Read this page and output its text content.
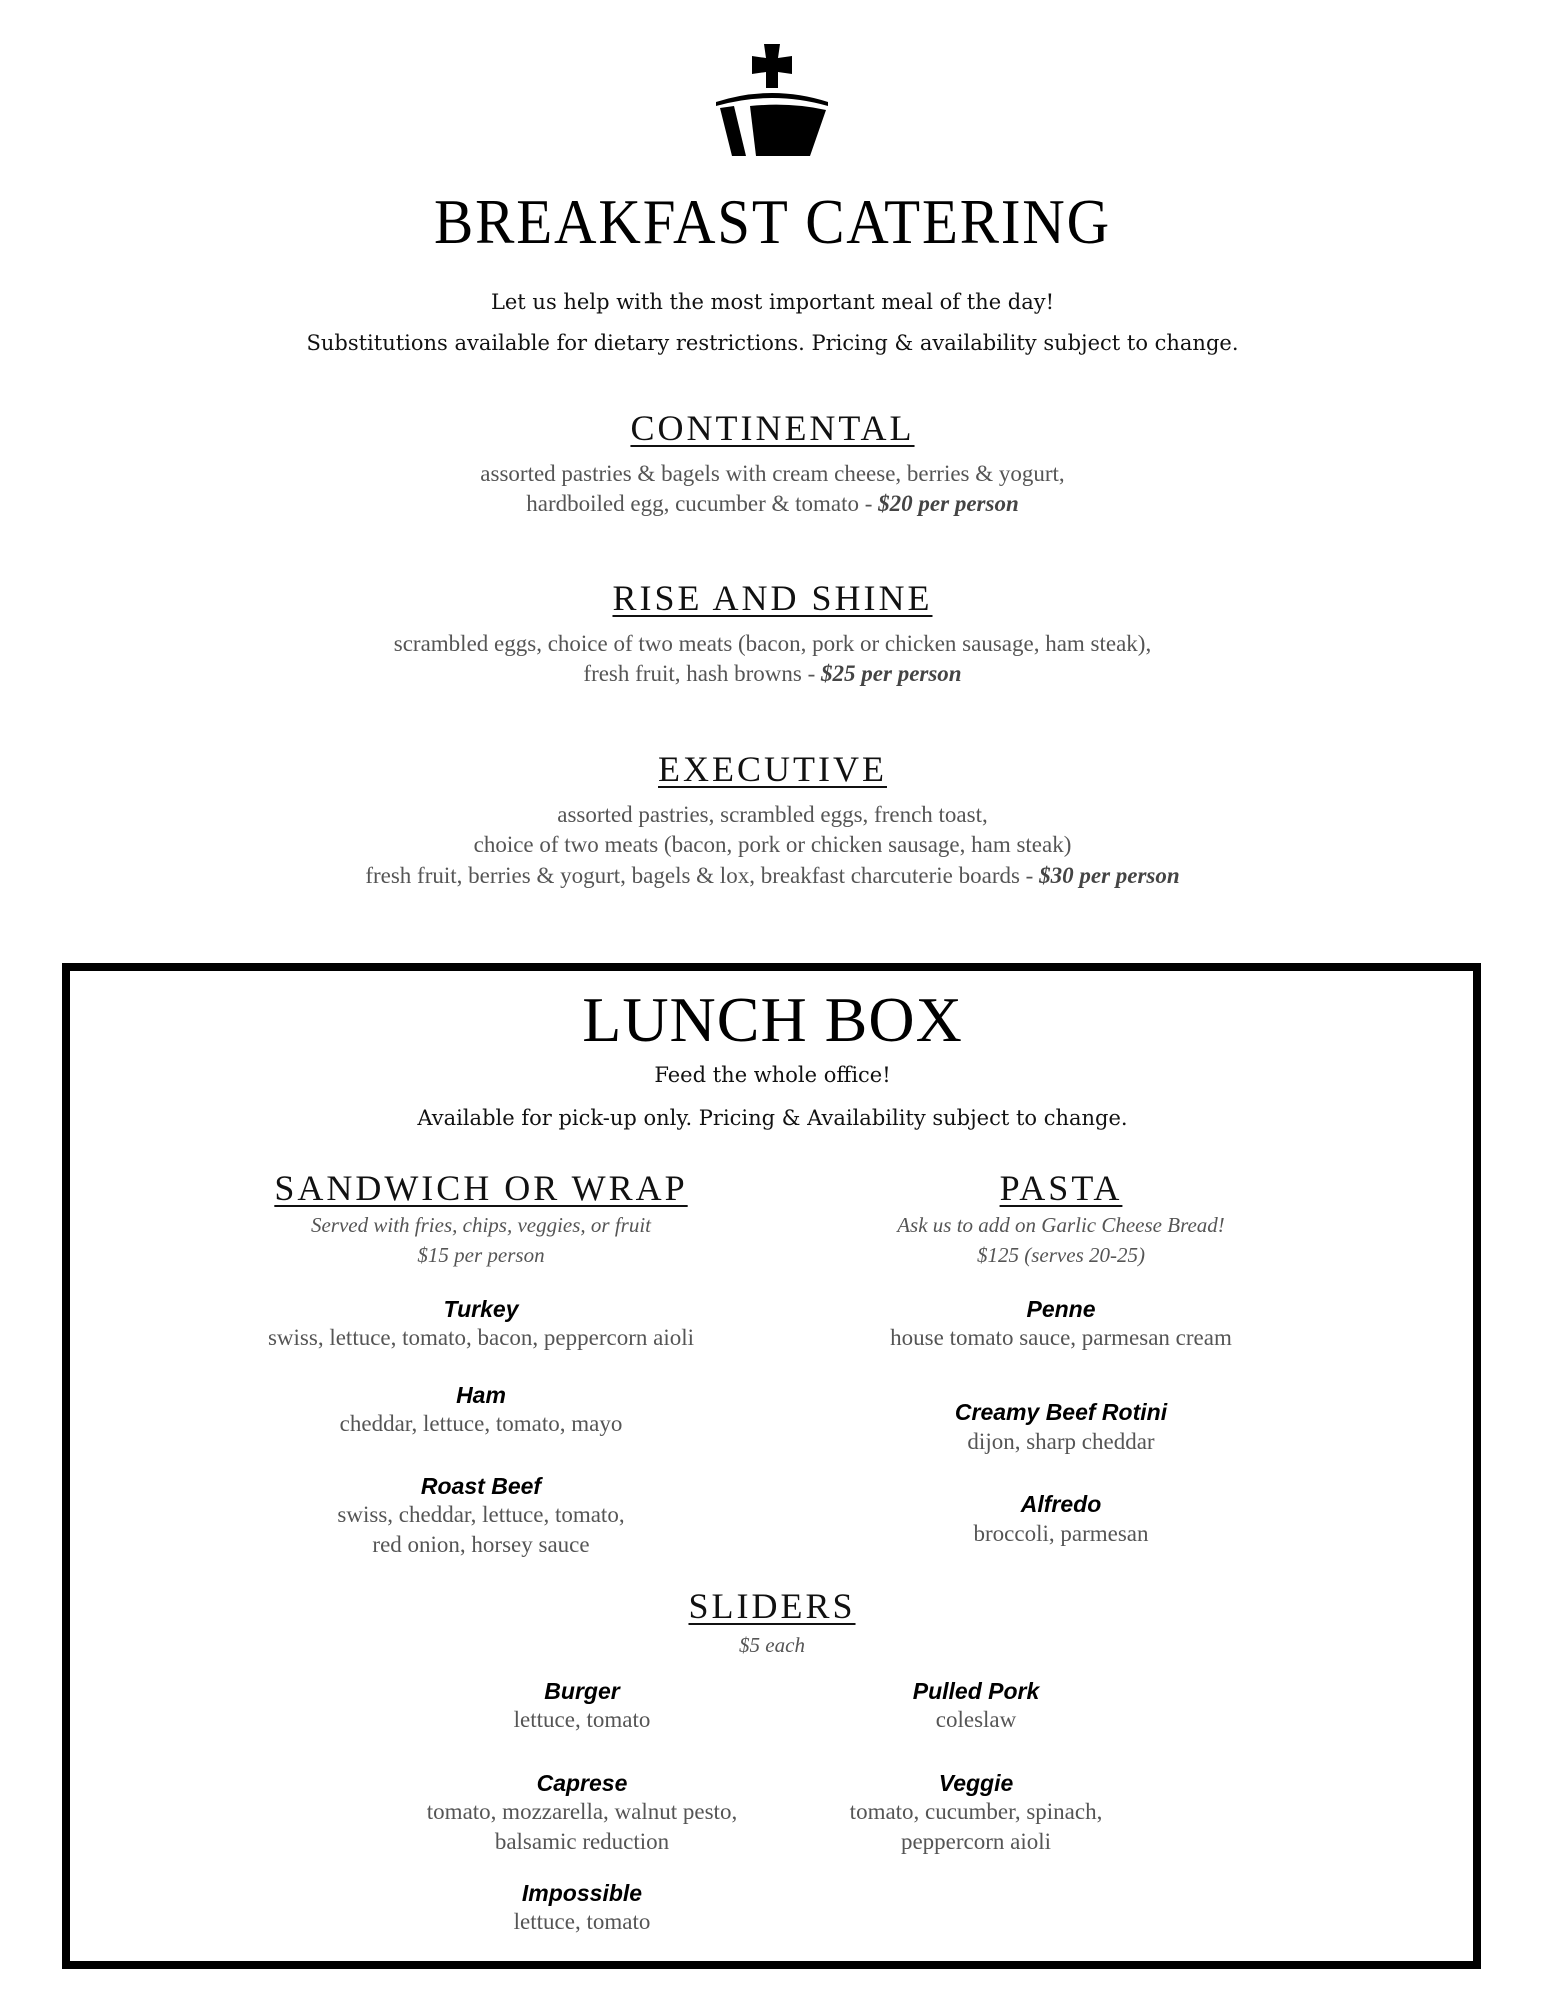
BREAKFAST CATERING
Let us help with the most important meal of the day!
Substitutions available for dietary restrictions. Pricing & availability subject to change.
CONTINENTAL
assorted pastries & bagels with cream cheese, berries & yogurt,
hardboiled egg, cucumber & tomato - $20 per person
RISE AND SHINE
scrambled eggs, choice of two meats (bacon, pork or chicken sausage, ham steak),
fresh fruit, hash browns - $25 per person
EXECUTIVE
assorted pastries, scrambled eggs, french toast,
choice of two meats (bacon, pork or chicken sausage, ham steak)
fresh fruit, berries & yogurt, bagels & lox, breakfast charcuterie boards - $30 per person
LUNCH BOX
Feed the whole office!
Available for pick-up only. Pricing & Availability subject to change.
SANDWICH OR WRAP
Served with fries, chips, veggies, or fruit
$15 per person
Turkey
swiss, lettuce, tomato, bacon, peppercorn aioli
Ham
cheddar, lettuce, tomato, mayo
Roast Beef
swiss, cheddar, lettuce, tomato,
red onion, horsey sauce
PASTA
Ask us to add on Garlic Cheese Bread!
$125 (serves 20-25)
Penne
house tomato sauce, parmesan cream
Creamy Beef Rotini
dijon, sharp cheddar
Alfredo
broccoli, parmesan
SLIDERS
$5 each
Burger
lettuce, tomato
Pulled Pork
coleslaw
Caprese
tomato, mozzarella, walnut pesto,
balsamic reduction
Veggie
tomato, cucumber, spinach,
peppercorn aioli
Impossible
lettuce, tomato
